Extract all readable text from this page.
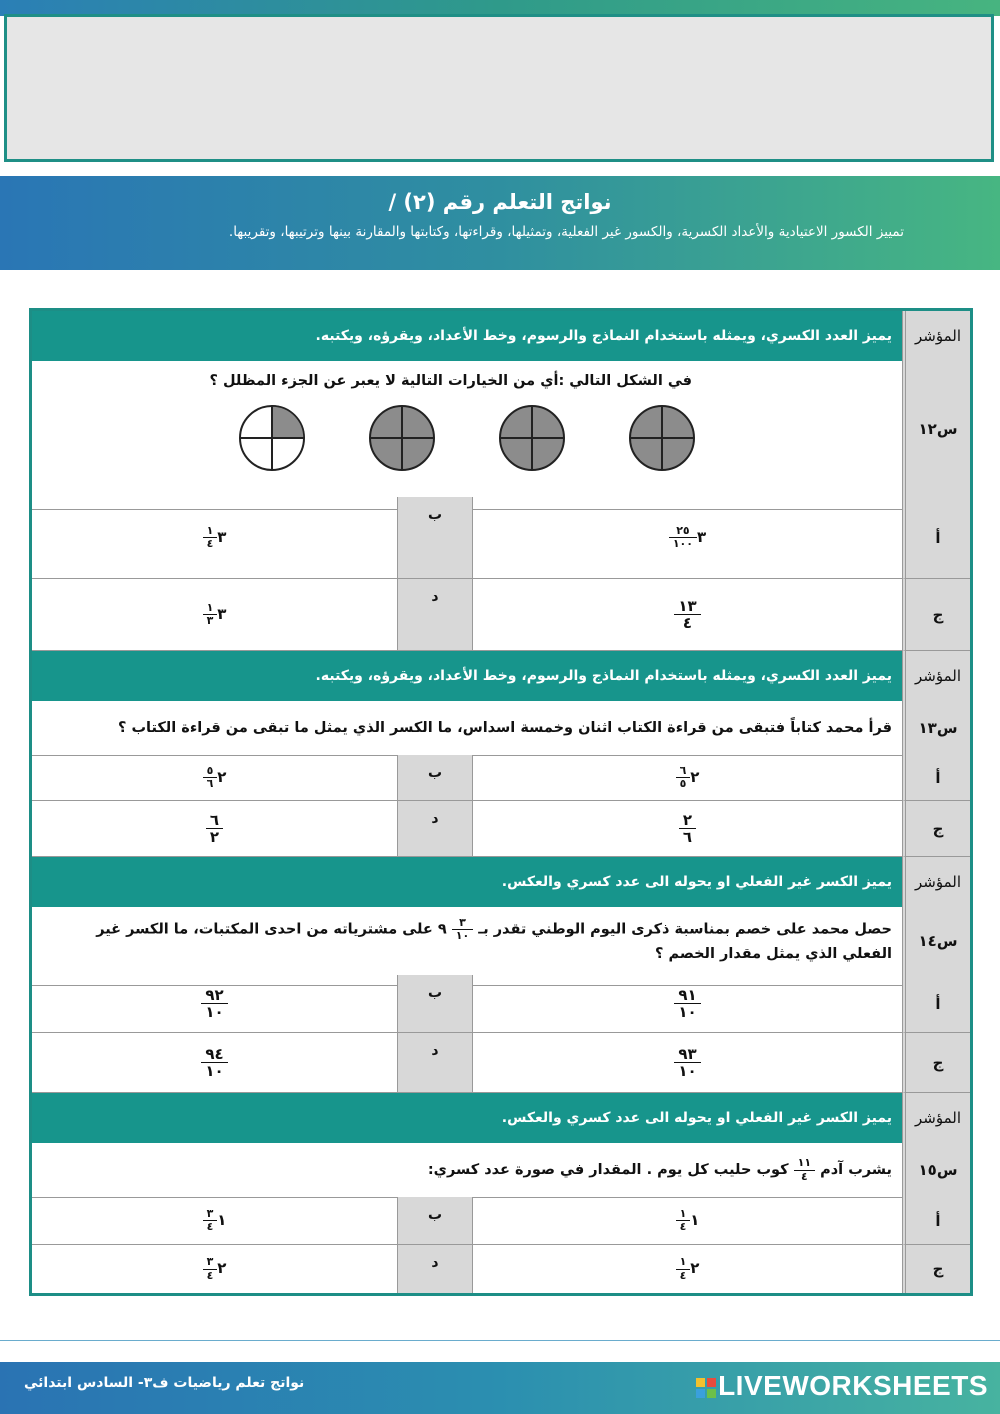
نواتج التعلم رقم (٢) /

تمييز الكسور الاعتيادية والأعداد الكسرية، والكسور غير الفعلية، وتمثيلها، وقراءتها، وكتابتها والمقارنة بينها وترتيبها، وتقريبها.

المؤشر
يميز العدد الكسري، ويمثله باستخدام النماذج والرسوم، وخط الأعداد، ويقرؤه، ويكتبه.
س١٢
في الشكل التالي :أي من الخيارات التالية لا يعبر عن الجزء المظلل ؟
أ
٣
$\frac{٢٥}{١٠٠}$
ب
٣
$\frac{١}{٤}$
ج
$\frac{١٣}{٤}$
د
٣
$\frac{١}{٣}$
المؤشر
يميز العدد الكسري، ويمثله باستخدام النماذج والرسوم، وخط الأعداد، ويقرؤه، ويكتبه.
س١٣
قرأ محمد كتاباً فتبقى من قراءة الكتاب اثنان وخمسة اسداس، ما الكسر الذي يمثل ما تبقى من قراءة الكتاب ؟
أ
٢
$\frac{٦}{٥}$
ب
٢
$\frac{٥}{٦}$
ج
$\frac{٢}{٦}$
د
$\frac{٦}{٢}$
المؤشر
يميز الكسر غير الفعلي او يحوله الى عدد كسري والعكس.
س١٤
حصل محمد على خصم بمناسبة ذكرى اليوم الوطني تقدر بـ
$\frac{٣}{١٠}$
٩ على مشترياته من احدى المكتبات، ما الكسر غير الفعلي الذي يمثل مقدار الخصم ؟
أ
$\frac{٩١}{١٠}$
ب
$\frac{٩٢}{١٠}$
ج
$\frac{٩٣}{١٠}$
د
$\frac{٩٤}{١٠}$
المؤشر
يميز الكسر غير الفعلي او يحوله الى عدد كسري والعكس.
س١٥
يشرب آدم

$\frac{١١}{٤}$

كوب حليب كل يوم . المقدار في صورة عدد كسري:
أ
١
$\frac{١}{٤}$
ب
١
$\frac{٣}{٤}$
ج
٢
$\frac{١}{٤}$
د
٢
$\frac{٣}{٤}$
نواتج تعلم رياضيات ف٣- السادس ابتدائي	LIVEWORKSHEETS
